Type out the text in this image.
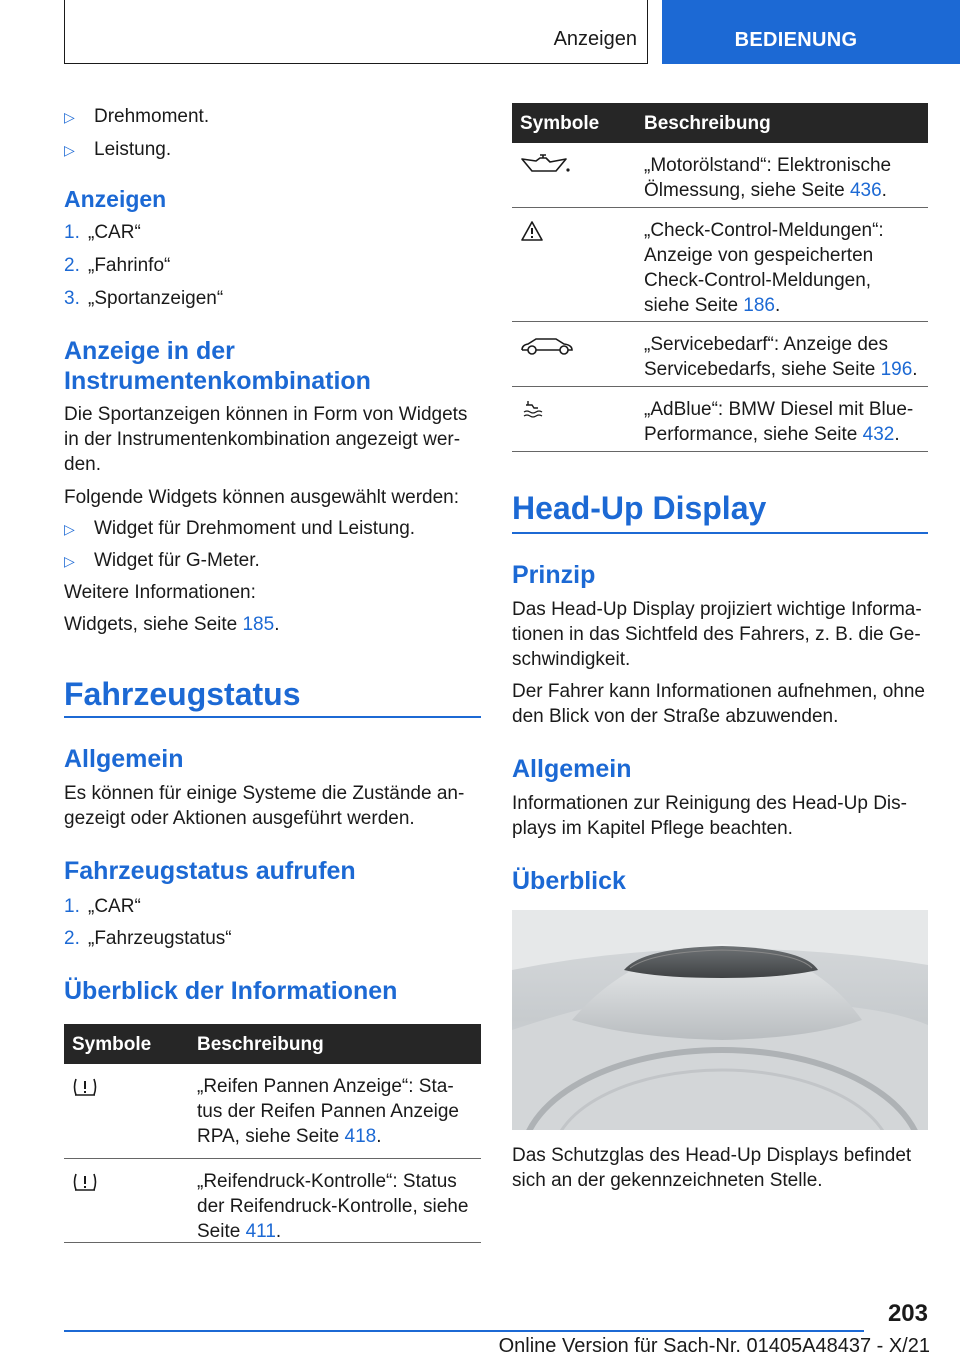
Anzeigen	BEDIENUNG
▷ Drehmoment.
▷ Leistung.
Anzeigen
1. „CAR“
2. „Fahrinfo“
3. „Sportanzeigen“
Anzeige in der
Instrumentenkombination
Die Sportanzeigen können in Form von Widgets
in der Instrumentenkombination angezeigt wer-
den.
Folgende Widgets können ausgewählt werden:
▷ Widget für Drehmoment und Leistung.
▷ Widget für G-Meter.
Weitere Informationen:
Widgets, siehe Seite 185.
Fahrzeugstatus
Allgemein
Es können für einige Systeme die Zustände an-
gezeigt oder Aktionen ausgeführt werden.
Fahrzeugstatus aufrufen
1. „CAR“
2. „Fahrzeugstatus“
Überblick der Informationen
Symbole Beschreibung
„Reifen Pannen Anzeige“: Sta-
tus der Reifen Pannen Anzeige
RPA, siehe Seite 418.
„Reifendruck-Kontrolle“: Status
der Reifendruck-Kontrolle, siehe
Seite 411.
Symbole Beschreibung
„Motorölstand“: Elektronische
Ölmessung, siehe Seite 436.
„Check-Control-Meldungen“:
Anzeige von gespeicherten
Check-Control-Meldungen,
siehe Seite 186.
„Servicebedarf“: Anzeige des
Servicebedarfs, siehe Seite 196.
„AdBlue“: BMW Diesel mit Blue-
Performance, siehe Seite 432.
Head-Up Display
Prinzip
Das Head-Up Display projiziert wichtige Informa-
tionen in das Sichtfeld des Fahrers, z. B. die Ge-
schwindigkeit.
Der Fahrer kann Informationen aufnehmen, ohne
den Blick von der Straße abzuwenden.
Allgemein
Informationen zur Reinigung des Head-Up Dis-
plays im Kapitel Pflege beachten.
Überblick
Das Schutzglas des Head-Up Displays befindet
sich an der gekennzeichneten Stelle.
203
Online Version für Sach-Nr. 01405A48437 - X/21
